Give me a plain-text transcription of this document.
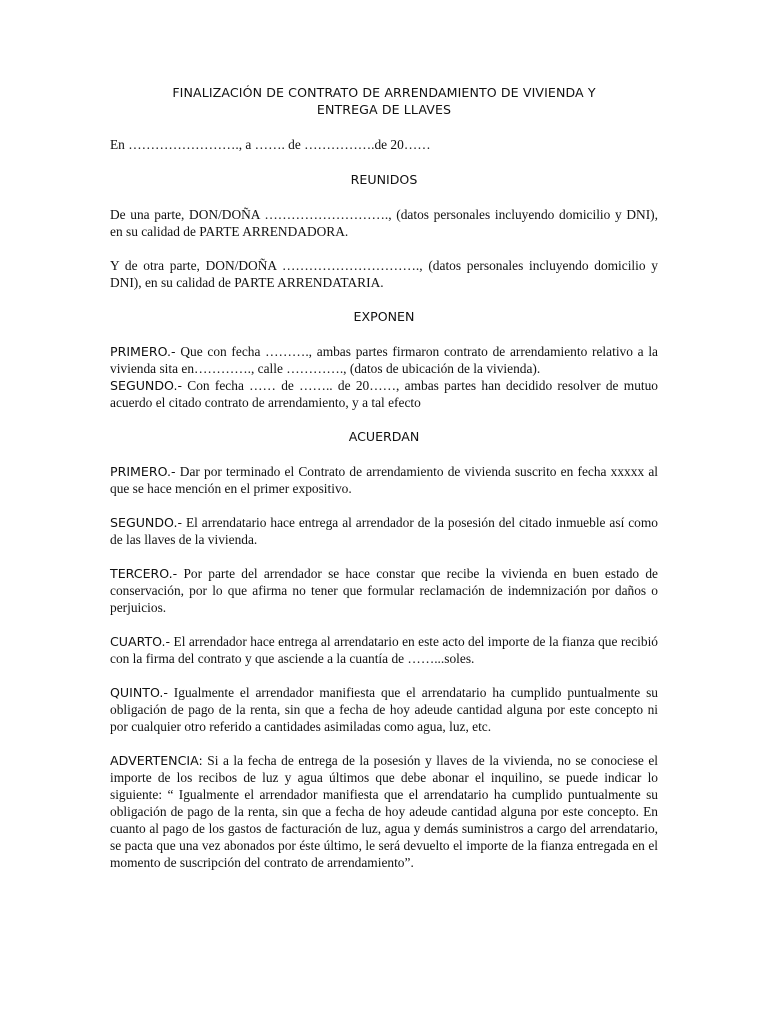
FINALIZACIÓN DE CONTRATO DE ARRENDAMIENTO DE VIVIENDA Y
ENTREGA DE LLAVES
En ……………………., a ……. de …………….de 20……
REUNIDOS
De una parte, DON/DOÑA ………………………., (datos personales incluyendo domicilio y DNI), en su calidad de PARTE ARRENDADORA.
Y de otra parte, DON/DOÑA …………………………., (datos personales incluyendo domicilio y DNI), en su calidad de PARTE ARRENDATARIA.
EXPONEN
PRIMERO.- Que con fecha ………., ambas partes firmaron contrato de arrendamiento relativo a la vivienda sita en…………., calle …………., (datos de ubicación de la vivienda).
SEGUNDO.- Con fecha …… de …….. de 20……, ambas partes han decidido resolver de mutuo acuerdo el citado contrato de arrendamiento, y a tal efecto
ACUERDAN
PRIMERO.- Dar por terminado el Contrato de arrendamiento de vivienda suscrito en fecha xxxxx al que se hace mención en el primer expositivo.
SEGUNDO.- El arrendatario hace entrega al arrendador de la posesión del citado inmueble así como de las llaves de la vivienda.
TERCERO.- Por parte del arrendador se hace constar que recibe la vivienda en buen estado de conservación, por lo que afirma no tener que formular reclamación de indemnización por daños o perjuicios.
CUARTO.- El arrendador hace entrega al arrendatario en este acto del importe de la fianza que recibió con la firma del contrato y que asciende a la cuantía de ……...soles.
QUINTO.- Igualmente el arrendador manifiesta que el arrendatario ha cumplido puntualmente su obligación de pago de la renta, sin que a fecha de hoy adeude cantidad alguna por este concepto ni por cualquier otro referido a cantidades asimiladas como agua, luz, etc.
ADVERTENCIA: Si a la fecha de entrega de la posesión y llaves de la vivienda, no se conociese el importe de los recibos de luz y agua últimos que debe abonar el inquilino, se puede indicar lo siguiente: “ Igualmente el arrendador manifiesta que el arrendatario ha cumplido puntualmente su obligación de pago de la renta, sin que a fecha de hoy adeude cantidad alguna por este concepto. En cuanto al pago de los gastos de facturación de luz, agua y demás suministros a cargo del arrendatario, se pacta que una vez abonados por éste último, le será devuelto el importe de la fianza entregada en el momento de suscripción del contrato de arrendamiento”.
